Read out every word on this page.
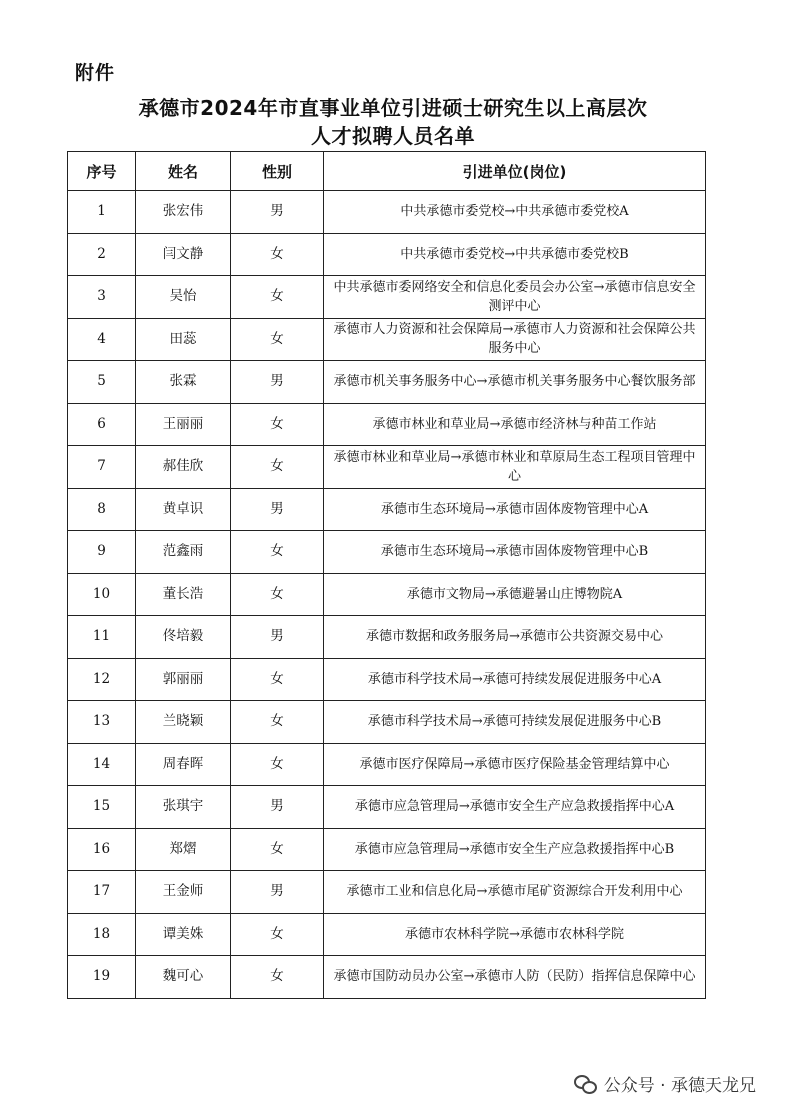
附件
承德市2024年市直事业单位引进硕士研究生以上高层次
人才拟聘人员名单
序号	姓名	性别	引进单位(岗位)
1	张宏伟	男	中共承德市委党校→中共承德市委党校A
2	闫文静	女	中共承德市委党校→中共承德市委党校B
3	吴怡	女	中共承德市委网络安全和信息化委员会办公室→承德市信息安全测评中心
4	田蕊	女	承德市人力资源和社会保障局→承德市人力资源和社会保障公共服务中心
5	张霖	男	承德市机关事务服务中心→承德市机关事务服务中心餐饮服务部
6	王丽丽	女	承德市林业和草业局→承德市经济林与种苗工作站
7	郝佳欣	女	承德市林业和草业局→承德市林业和草原局生态工程项目管理中心
8	黄卓识	男	承德市生态环境局→承德市固体废物管理中心A
9	范鑫雨	女	承德市生态环境局→承德市固体废物管理中心B
10	董长浩	女	承德市文物局→承德避暑山庄博物院A
11	佟培毅	男	承德市数据和政务服务局→承德市公共资源交易中心
12	郭丽丽	女	承德市科学技术局→承德可持续发展促进服务中心A
13	兰晓颖	女	承德市科学技术局→承德可持续发展促进服务中心B
14	周春晖	女	承德市医疗保障局→承德市医疗保险基金管理结算中心
15	张琪宇	男	承德市应急管理局→承德市安全生产应急救援指挥中心A
16	郑熠	女	承德市应急管理局→承德市安全生产应急救援指挥中心B
17	王金师	男	承德市工业和信息化局→承德市尾矿资源综合开发利用中心
18	谭美姝	女	承德市农林科学院→承德市农林科学院
19	魏可心	女	承德市国防动员办公室→承德市人防（民防）指挥信息保障中心
公众号 · 承德天龙兄
